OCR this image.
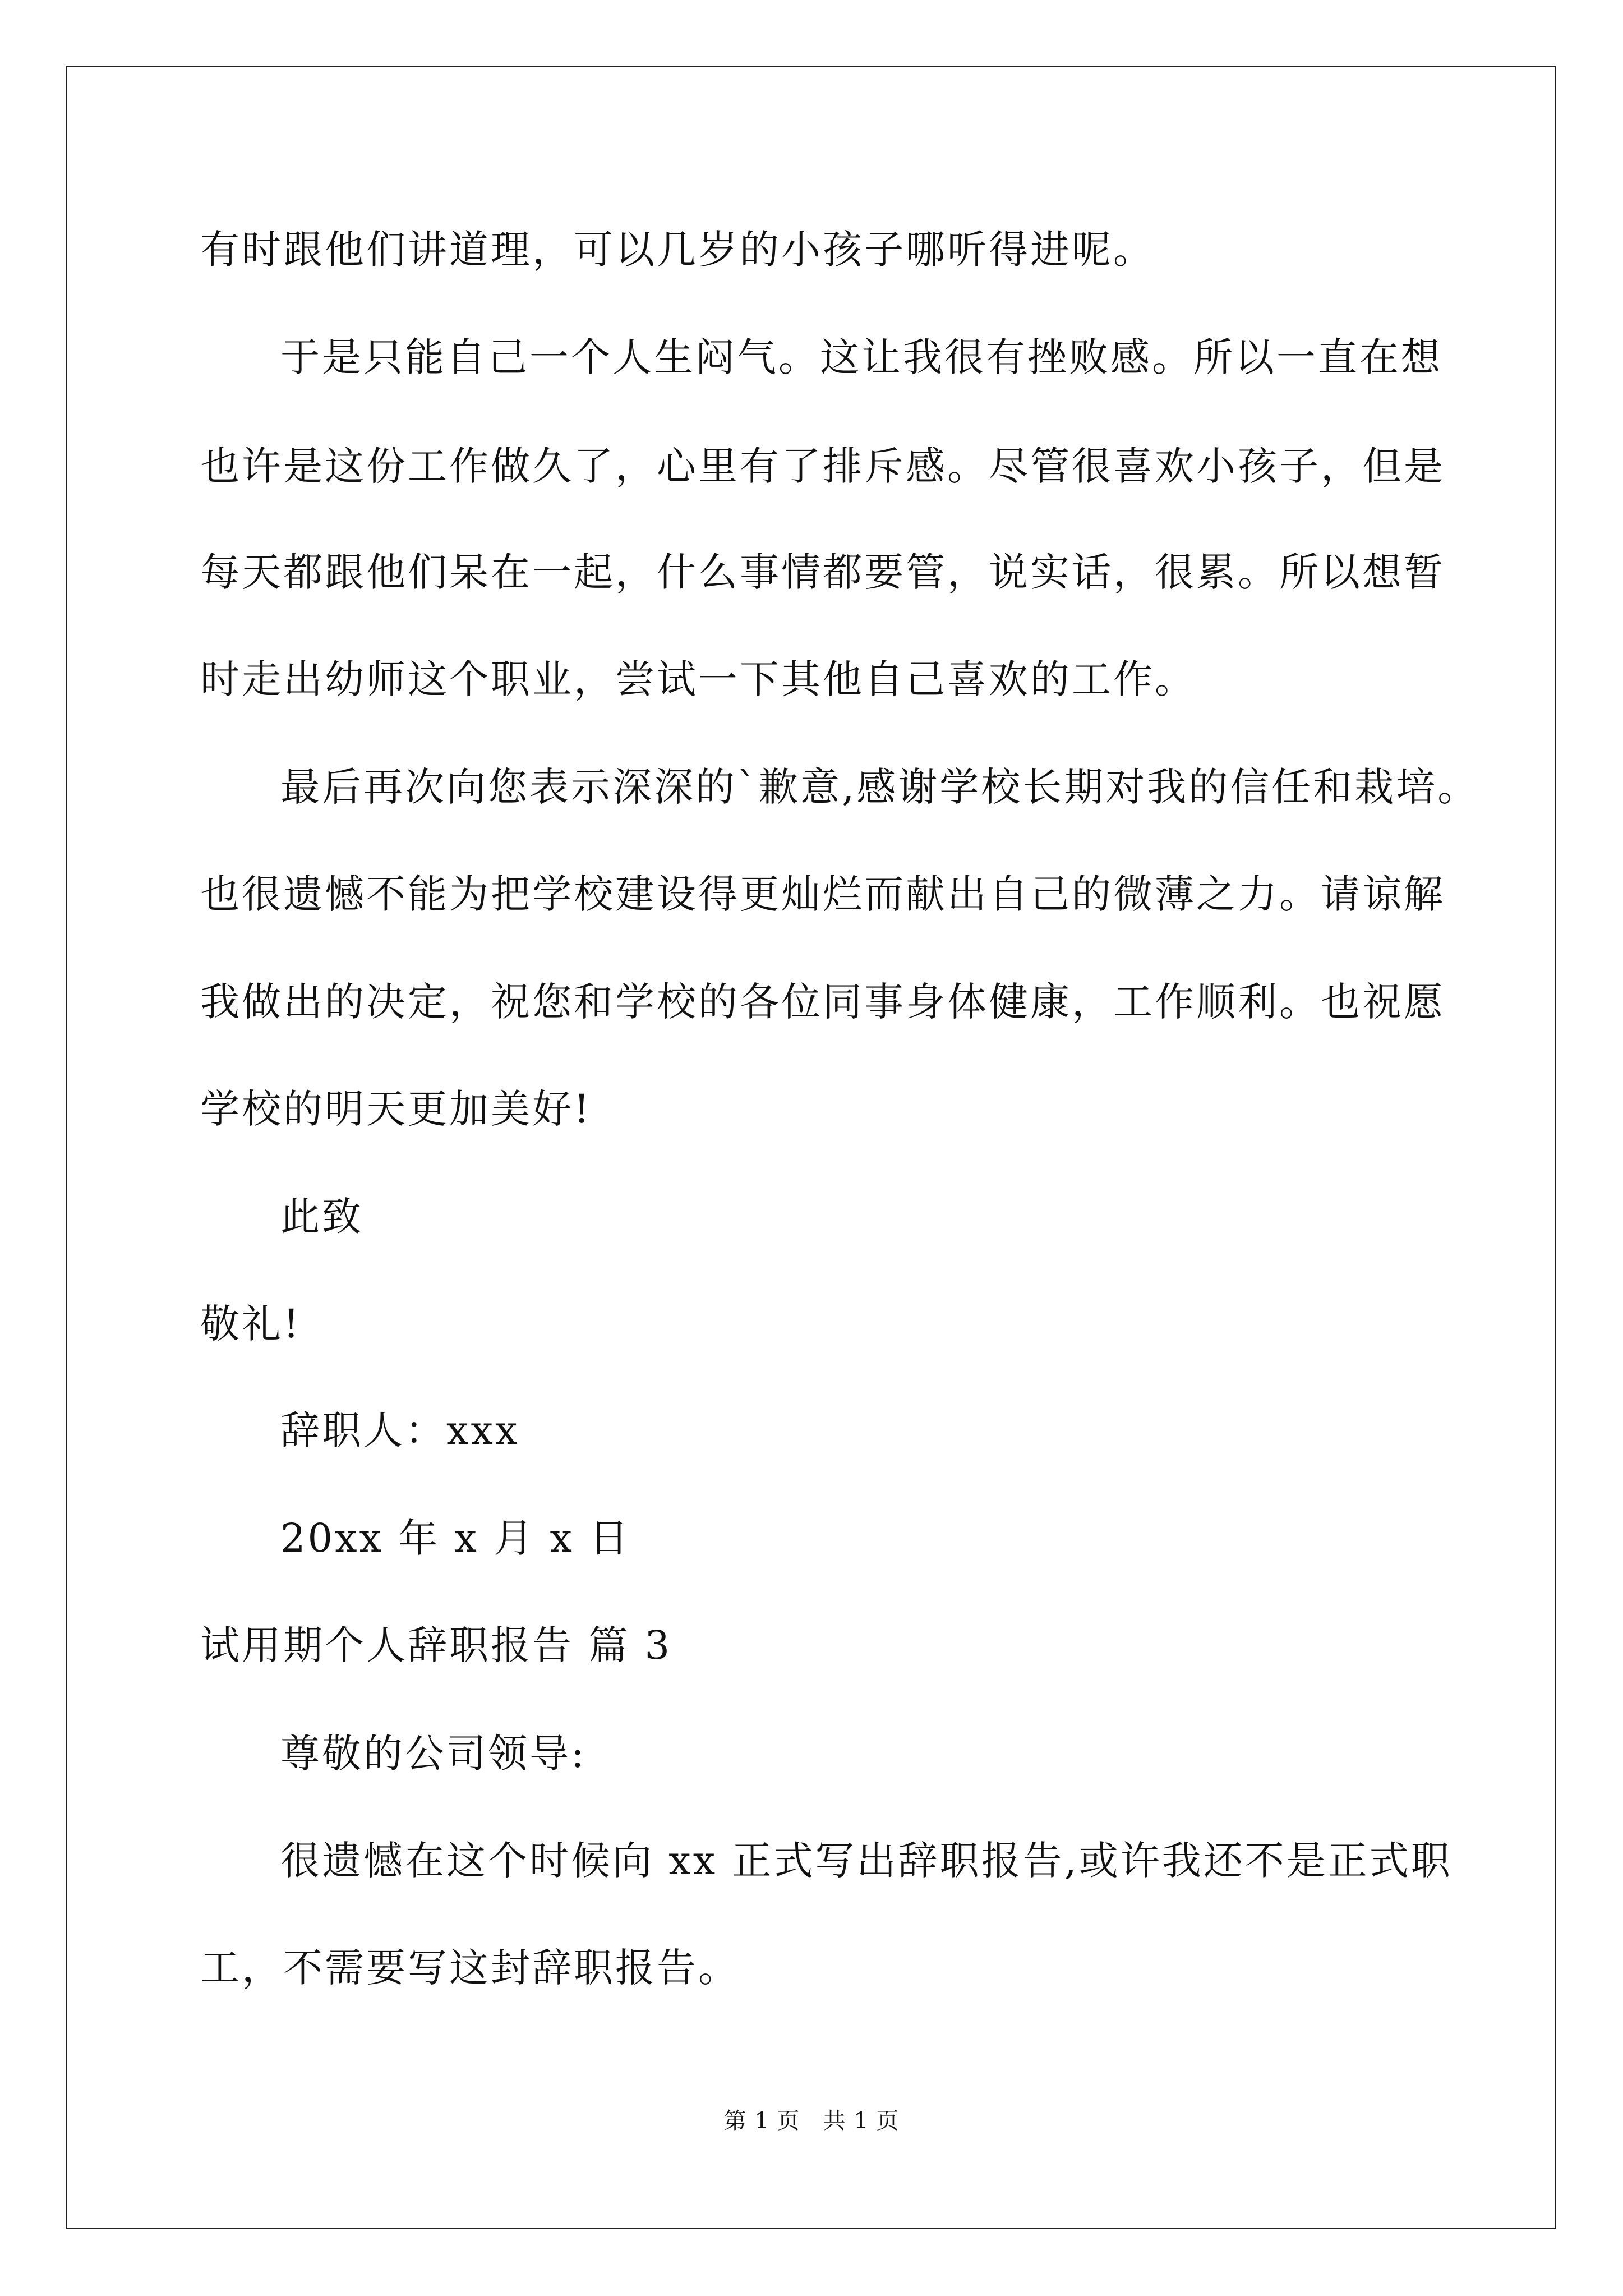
有时跟他们讲道理，可以几岁的小孩子哪听得进呢。
于是只能自己一个人生闷气。这让我很有挫败感。所以一直在想
也许是这份工作做久了，心里有了排斥感。尽管很喜欢小孩子，但是
每天都跟他们呆在一起，什么事情都要管，说实话，很累。所以想暂
时走出幼师这个职业，尝试一下其他自己喜欢的工作。
最后再次向您表示深深的`歉意,感谢学校长期对我的信任和栽培。
也很遗憾不能为把学校建设得更灿烂而献出自己的微薄之力。请谅解
我做出的决定，祝您和学校的各位同事身体健康，工作顺利。也祝愿
学校的明天更加美好!
此致
敬礼!
辞职人：xxx
20xx 年 x 月 x 日
试用期个人辞职报告 篇 3
尊敬的公司领导:
很遗憾在这个时候向 xx 正式写出辞职报告,或许我还不是正式职
工，不需要写这封辞职报告。
第 1 页　共 1 页
